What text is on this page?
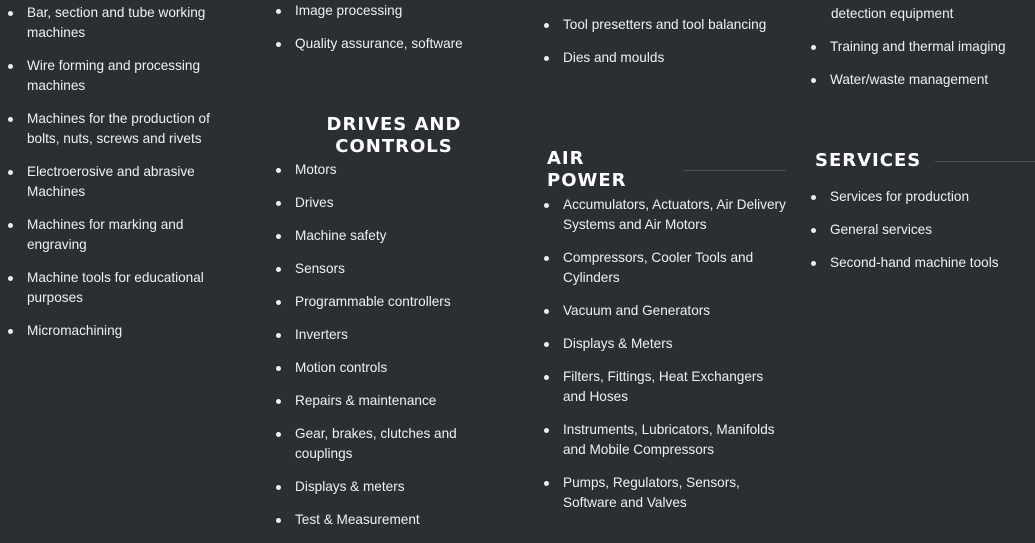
Bar, section and tube working machines
Wire forming and processing machines
Machines for the production of bolts, nuts, screws and rivets
Electroerosive and abrasive Machines
Machines for marking and engraving
Machine tools for educational purposes
Micromachining
Image processing
Quality assurance, software
DRIVES AND CONTROLS
Motors
Drives
Machine safety
Sensors
Programmable controllers
Inverters
Motion controls
Repairs & maintenance
Gear, brakes, clutches and couplings
Displays & meters
Test & Measurement
Tool presetters and tool balancing
Dies and moulds
AIR POWER
Accumulators, Actuators, Air Delivery Systems and Air Motors
Compressors, Cooler Tools and Cylinders
Vacuum and Generators
Displays & Meters
Filters, Fittings, Heat Exchangers and Hoses
Instruments, Lubricators, Manifolds and Mobile Compressors
Pumps, Regulators, Sensors, Software and Valves
detection equipment
Training and thermal imaging
Water/waste management
SERVICES
Services for production
General services
Second-hand machine tools
